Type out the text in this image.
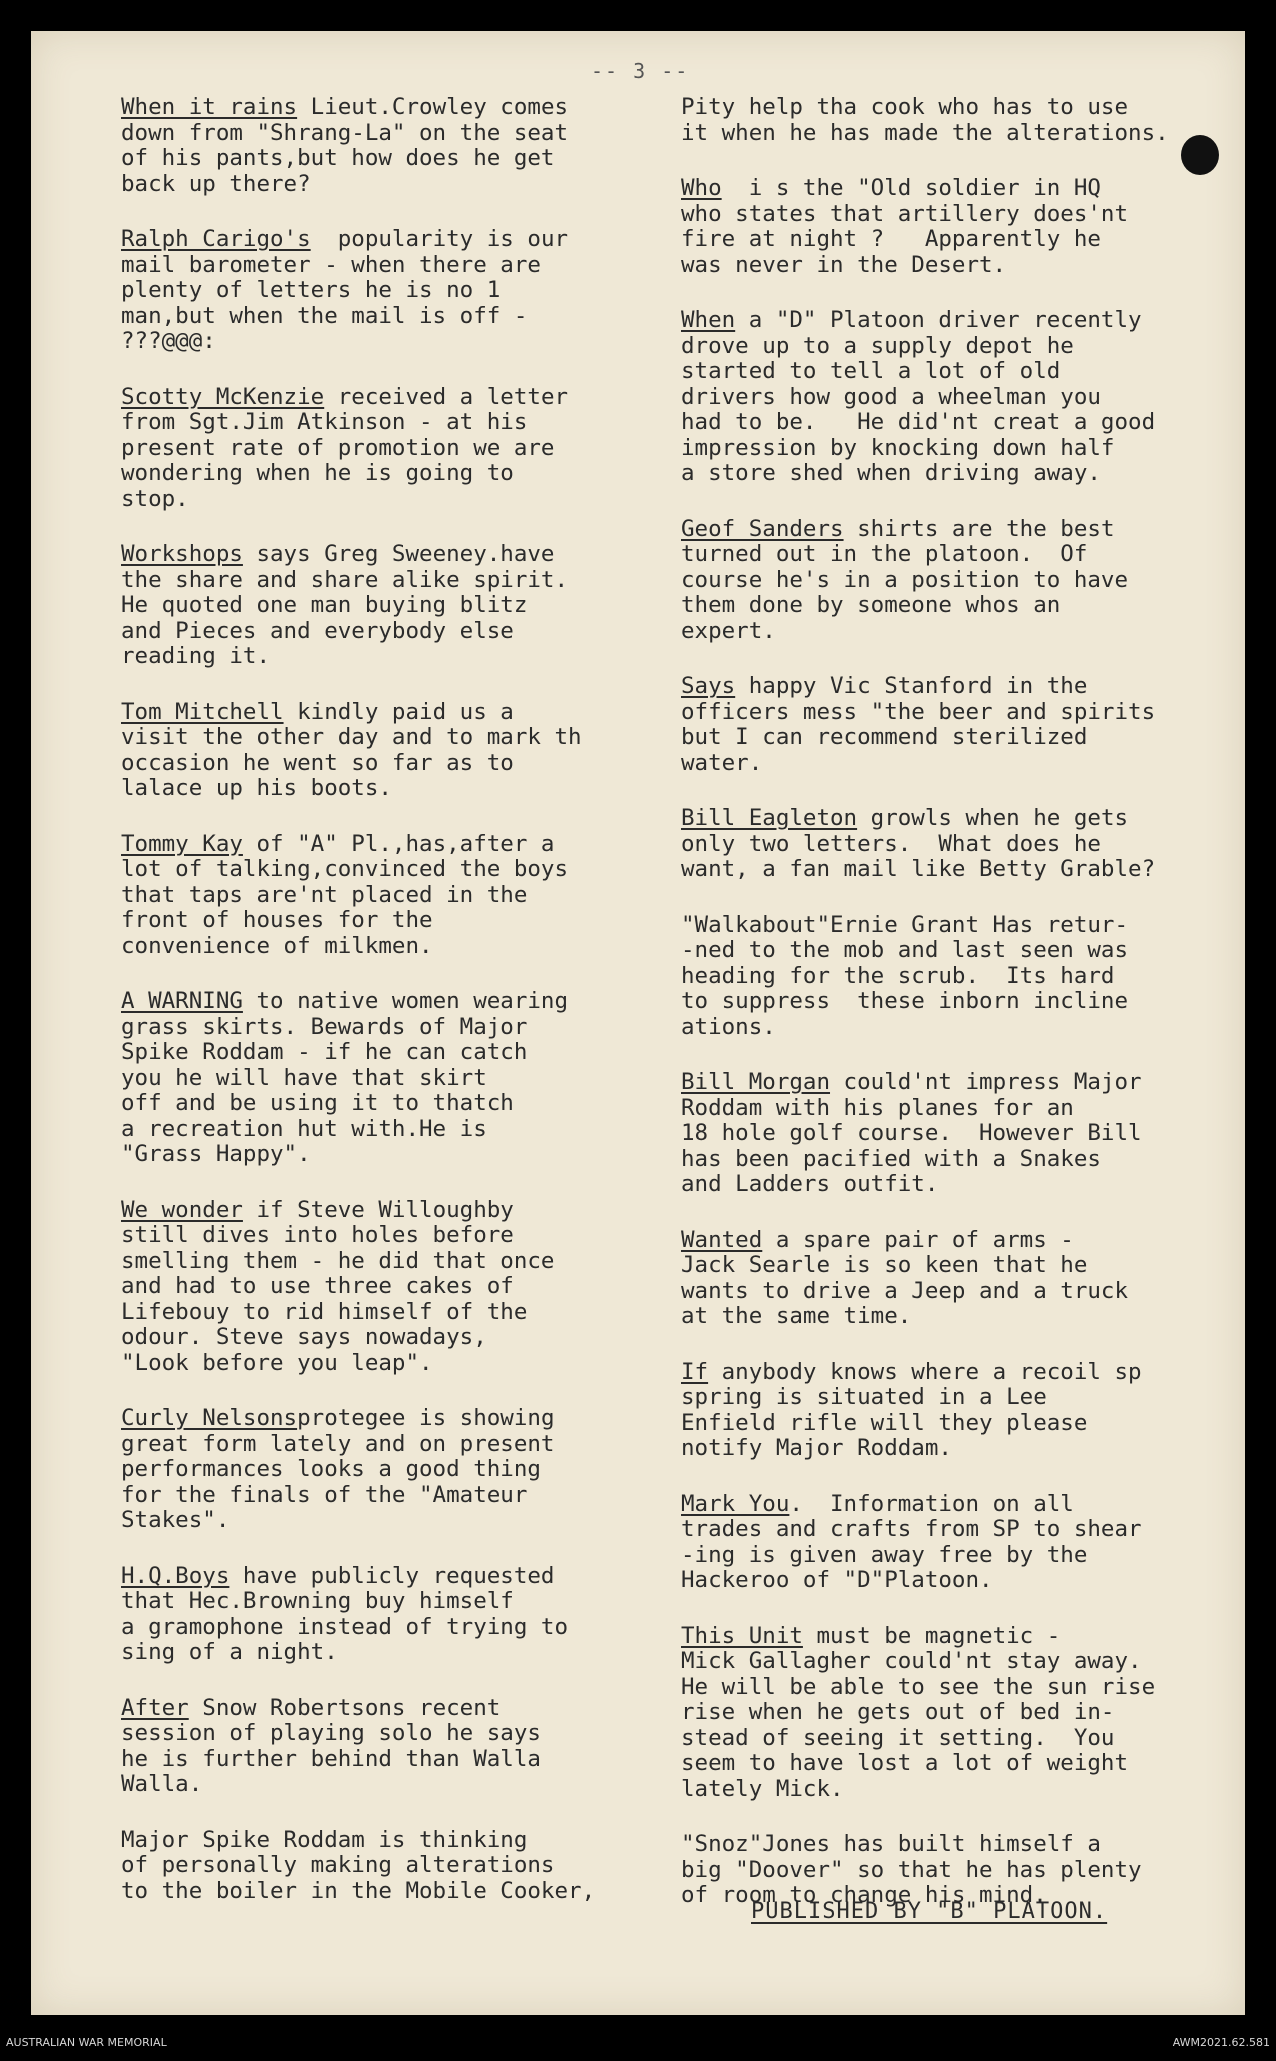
-- 3 --

When it rains Lieut.Crowley comes
down from "Shrang-La" on the seat
of his pants,but how does he get
back up there?

Ralph Carigo's  popularity is our
mail barometer - when there are
plenty of letters he is no 1
man,but when the mail is off -
???@@@:

Scotty McKenzie received a letter
from Sgt.Jim Atkinson - at his
present rate of promotion we are
wondering when he is going to
stop.

Workshops says Greg Sweeney.have
the share and share alike spirit.
He quoted one man buying blitz
and Pieces and everybody else
reading it.

Tom Mitchell kindly paid us a
visit the other day and to mark th
occasion he went so far as to
lalace up his boots.

Tommy Kay of "A" Pl.,has,after a
lot of talking,convinced the boys
that taps are'nt placed in the
front of houses for the
convenience of milkmen.

A WARNING to native women wearing
grass skirts. Bewards of Major
Spike Roddam - if he can catch
you he will have that skirt
off and be using it to thatch
a recreation hut with.He is
"Grass Happy".

We wonder if Steve Willoughby
still dives into holes before
smelling them - he did that once
and had to use three cakes of
Lifebouy to rid himself of the
odour. Steve says nowadays,
"Look before you leap".

Curly Nelsonsprotegee is showing
great form lately and on present
performances looks a good thing
for the finals of the "Amateur
Stakes".

H.Q.Boys have publicly requested
that Hec.Browning buy himself
a gramophone instead of trying to
sing of a night.

After Snow Robertsons recent
session of playing solo he says
he is further behind than Walla
Walla.

Major Spike Roddam is thinking
of personally making alterations
to the boiler in the Mobile Cooker,

Pity help tha cook who has to use
it when he has made the alterations.

Who  i s the "Old soldier in HQ
who states that artillery does'nt
fire at night ?   Apparently he
was never in the Desert.

When a "D" Platoon driver recently
drove up to a supply depot he
started to tell a lot of old
drivers how good a wheelman you
had to be.   He did'nt creat a good
impression by knocking down half
a store shed when driving away.

Geof Sanders shirts are the best
turned out in the platoon.  Of
course he's in a position to have
them done by someone whos an
expert.

Says happy Vic Stanford in the
officers mess "the beer and spirits
but I can recommend sterilized
water.

Bill Eagleton growls when he gets
only two letters.  What does he
want, a fan mail like Betty Grable?

"Walkabout"Ernie Grant Has retur-
-ned to the mob and last seen was
heading for the scrub.  Its hard
to suppress  these inborn incline
ations.

Bill Morgan could'nt impress Major
Roddam with his planes for an
18 hole golf course.  However Bill
has been pacified with a Snakes
and Ladders outfit.

Wanted a spare pair of arms -
Jack Searle is so keen that he
wants to drive a Jeep and a truck
at the same time.

If anybody knows where a recoil sp
spring is situated in a Lee
Enfield rifle will they please
notify Major Roddam.

Mark You.  Information on all
trades and crafts from SP to shear
-ing is given away free by the
Hackeroo of "D"Platoon.

This Unit must be magnetic -
Mick Gallagher could'nt stay away.
He will be able to see the sun rise
rise when he gets out of bed in-
stead of seeing it setting.  You
seem to have lost a lot of weight
lately Mick.

"Snoz"Jones has built himself a
big "Doover" so that he has plenty
of room to change his mind.

PUBLISHED BY "B" PLATOON.
AUSTRALIAN WAR MEMORIAL	AWM2021.62.581
